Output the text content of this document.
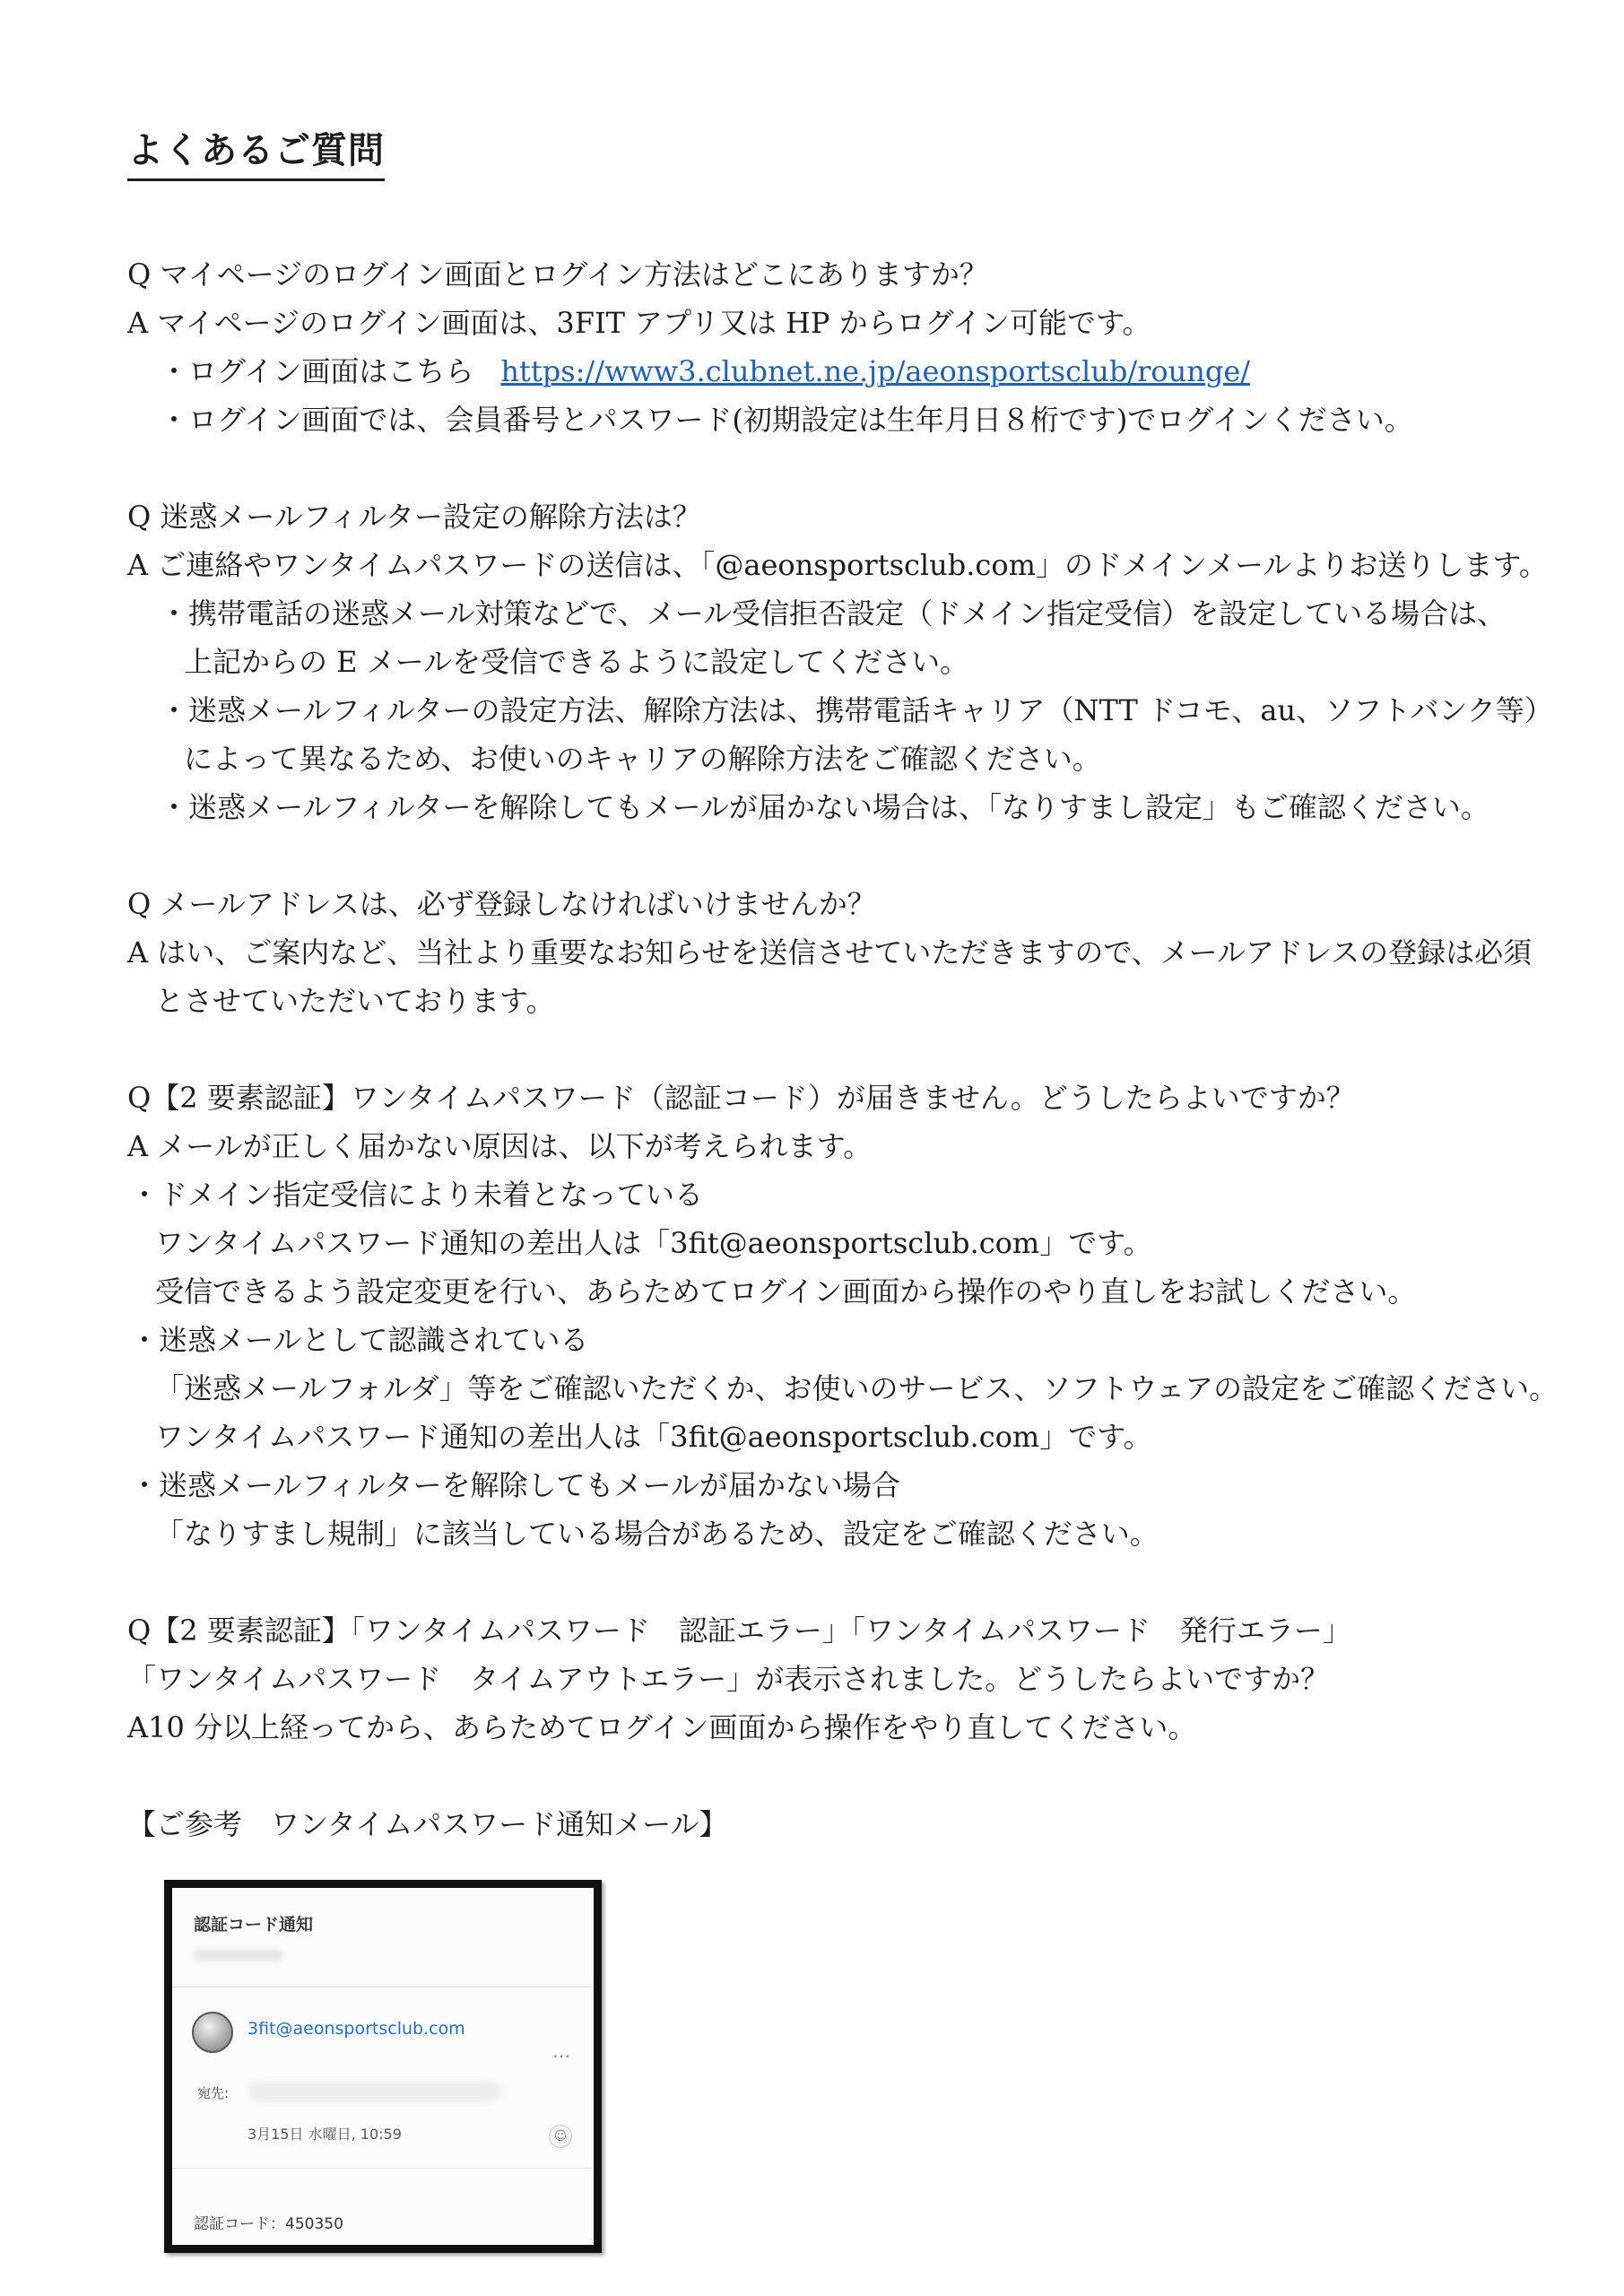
よくあるご質問
Q マイページのログイン画面とログイン方法はどこにありますか？
A マイページのログイン画面は、3FIT アプリ又は HP からログイン可能です。
・ログイン画面はこちら https://www3.clubnet.ne.jp/aeonsportsclub/rounge/
・ログイン画面では、会員番号とパスワード(初期設定は生年月日８桁です)でログインください。
Q 迷惑メールフィルター設定の解除方法は？
A ご連絡やワンタイムパスワードの送信は、「@aeonsportsclub.com」のドメインメールよりお送りします。
・携帯電話の迷惑メール対策などで、メール受信拒否設定（ドメイン指定受信）を設定している場合は、
上記からの E メールを受信できるように設定してください。
・迷惑メールフィルターの設定方法、解除方法は、携帯電話キャリア（NTT ドコモ、au、ソフトバンク等）
によって異なるため、お使いのキャリアの解除方法をご確認ください。
・迷惑メールフィルターを解除してもメールが届かない場合は、「なりすまし設定」もご確認ください。
Q メールアドレスは、必ず登録しなければいけませんか？
A はい、ご案内など、当社より重要なお知らせを送信させていただきますので、メールアドレスの登録は必須
とさせていただいております。
Q【2 要素認証】ワンタイムパスワード（認証コード）が届きません。どうしたらよいですか？
A メールが正しく届かない原因は、以下が考えられます。
・ドメイン指定受信により未着となっている
ワンタイムパスワード通知の差出人は「3fit@aeonsportsclub.com」です。
受信できるよう設定変更を行い、あらためてログイン画面から操作のやり直しをお試しください。
・迷惑メールとして認識されている
「迷惑メールフォルダ」等をご確認いただくか、お使いのサービス、ソフトウェアの設定をご確認ください。
ワンタイムパスワード通知の差出人は「3fit@aeonsportsclub.com」です。
・迷惑メールフィルターを解除してもメールが届かない場合
「なりすまし規制」に該当している場合があるため、設定をご確認ください。
Q【2 要素認証】「ワンタイムパスワード　認証エラー」「ワンタイムパスワード　発行エラー」
「ワンタイムパスワード　タイムアウトエラー」が表示されました。どうしたらよいですか？
A10 分以上経ってから、あらためてログイン画面から操作をやり直してください。
【ご参考　ワンタイムパスワード通知メール】
認証コード通知
3fit@aeonsportsclub.com
…
宛先:
3月15日 水曜日, 10:59	☺
認証コード：450350
